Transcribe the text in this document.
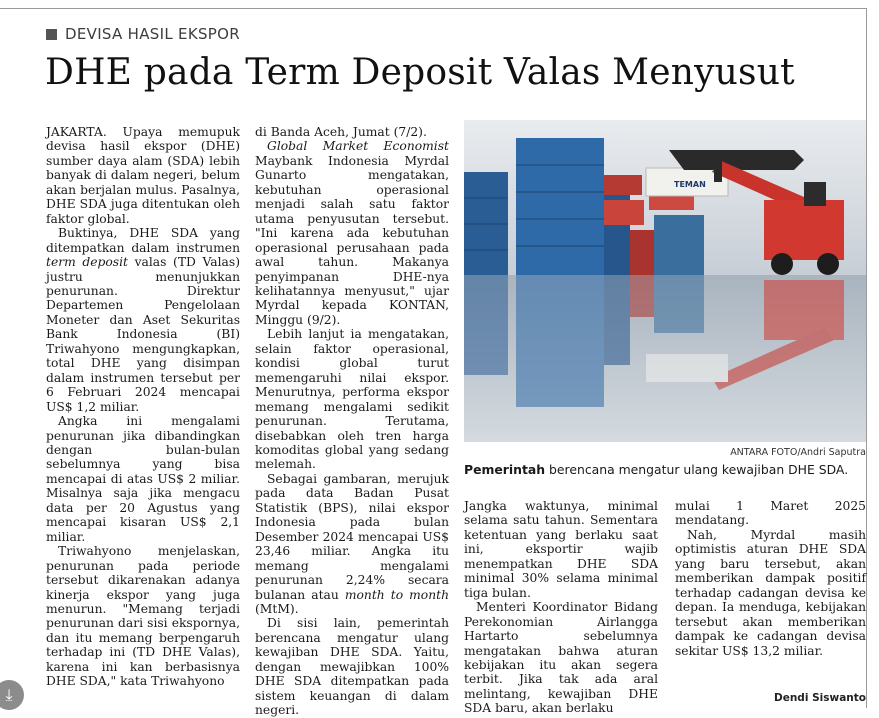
DEVISA HASIL EKSPOR
DHE pada Term Deposit Valas Menyusut

JAKARTA. Upaya memupuk devisa hasil ekspor (DHE) sumber daya alam (SDA) lebih banyak di dalam negeri, belum akan berjalan mulus. Pasalnya, DHE SDA juga ditentukan oleh faktor global.

Buktinya, DHE SDA yang ditempatkan dalam instrumen term deposit valas (TD Valas) justru menunjukkan penurunan. Direktur Departemen Pengelolaan Moneter dan Aset Sekuritas Bank Indonesia (BI) Triwahyono mengungkapkan, total DHE yang disimpan dalam instrumen tersebut per 6 Februari 2024 mencapai US$ 1,2 miliar.

Angka ini mengalami penurunan jika dibandingkan dengan bulan-bulan sebelumnya yang bisa mencapai di atas US$ 2 miliar. Misalnya saja jika mengacu data per 20 Agustus yang mencapai kisaran US$ 2,1 miliar.

Triwahyono menjelaskan, penurunan pada periode tersebut dikarenakan adanya kinerja ekspor yang juga menurun. "Memang terjadi penurunan dari sisi ekspornya, dan itu memang berpengaruh terhadap ini (TD DHE Valas), karena ini kan berbasisnya DHE SDA," kata Triwahyono

di Banda Aceh, Jumat (7/2).

Global Market Economist Maybank Indonesia Myrdal Gunarto mengatakan, kebutuhan operasional menjadi salah satu faktor utama penyusutan tersebut. "Ini karena ada kebutuhan operasional perusahaan pada awal tahun. Makanya penyimpanan DHE-nya kelihatannya menyusut," ujar Myrdal kepada KONTAN, Minggu (9/2).

Lebih lanjut ia mengatakan, selain faktor operasional, kondisi global turut memengaruhi nilai ekspor. Menurutnya, performa ekspor memang mengalami sedikit penurunan. Terutama, disebabkan oleh tren harga komoditas global yang sedang melemah.

Sebagai gambaran, merujuk pada data Badan Pusat Statistik (BPS), nilai ekspor Indonesia pada bulan Desember 2024 mencapai US$ 23,46 miliar. Angka itu memang mengalami penurunan 2,24% secara bulanan atau month to month (MtM).

Di sisi lain, pemerintah berencana mengatur ulang kewajiban DHE SDA. Yaitu, dengan mewajibkan 100% DHE SDA ditempatkan pada sistem keuangan di dalam negeri.

Jangka waktunya, minimal selama satu tahun. Sementara ketentuan yang berlaku saat ini, eksportir wajib menempatkan DHE SDA minimal 30% selama minimal tiga bulan.

Menteri Koordinator Bidang Perekonomian Airlangga Hartarto sebelumnya mengatakan bahwa aturan kebijakan itu akan segera terbit. Jika tak ada aral melintang, kewajiban DHE SDA baru, akan berlaku

mulai 1 Maret 2025 mendatang.

Nah, Myrdal masih optimistis aturan DHE SDA yang baru tersebut, akan memberikan dampak positif terhadap cadangan devisa ke depan. Ia menduga, kebijakan tersebut akan memberikan dampak ke cadangan devisa sekitar US$ 13,2 miliar.

TEMAN
ANTARA FOTO/Andri Saputra
Pemerintah berencana mengatur ulang kewajiban DHE SDA.
Dendi Siswanto
⤓
